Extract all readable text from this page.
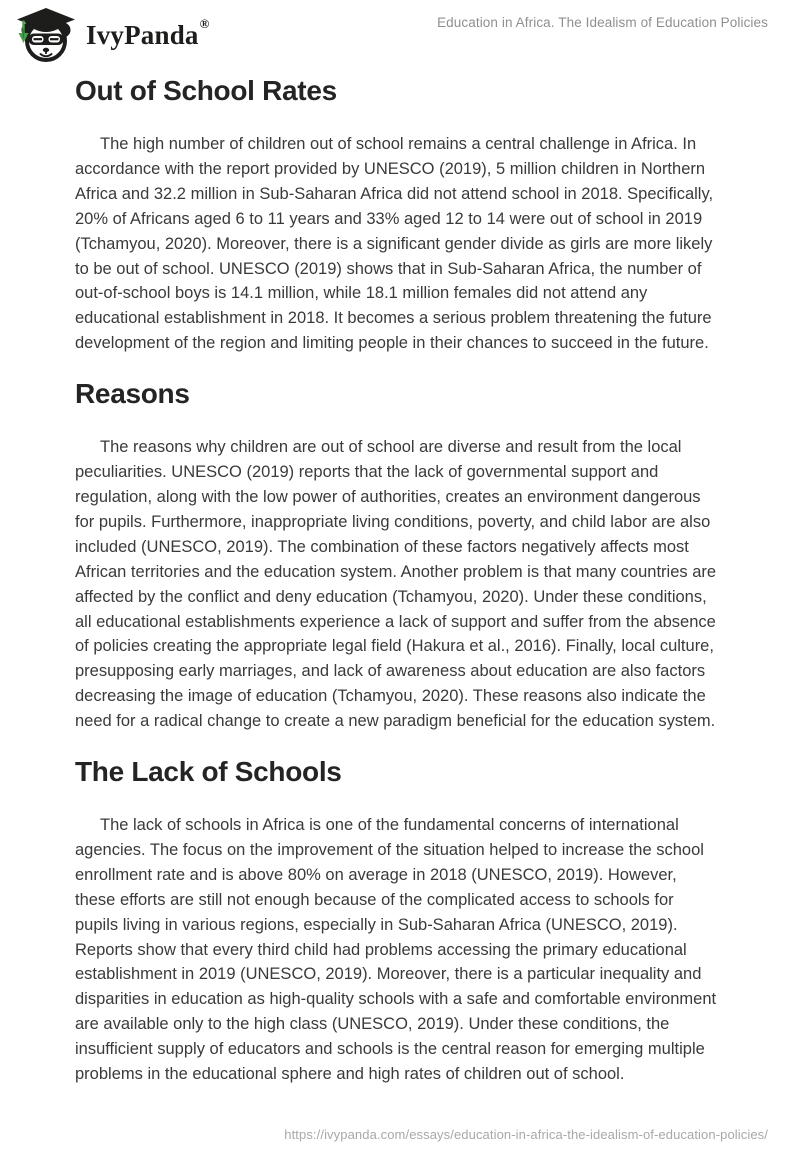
IvyPanda®	Education in Africa. The Idealism of Education Policies
Out of School Rates

The high number of children out of school remains a central challenge in Africa. In accordance with the report provided by UNESCO (2019), 5 million children in Northern Africa and 32.2 million in Sub-Saharan Africa did not attend school in 2018. Specifically, 20% of Africans aged 6 to 11 years and 33% aged 12 to 14 were out of school in 2019 (Tchamyou, 2020). Moreover, there is a significant gender divide as girls are more likely to be out of school. UNESCO (2019) shows that in Sub-Saharan Africa, the number of out-of-school boys is 14.1 million, while 18.1 million females did not attend any educational establishment in 2018. It becomes a serious problem threatening the future development of the region and limiting people in their chances to succeed in the future.

Reasons

The reasons why children are out of school are diverse and result from the local peculiarities. UNESCO (2019) reports that the lack of governmental support and regulation, along with the low power of authorities, creates an environment dangerous for pupils. Furthermore, inappropriate living conditions, poverty, and child labor are also included (UNESCO, 2019). The combination of these factors negatively affects most African territories and the education system. Another problem is that many countries are affected by the conflict and deny education (Tchamyou, 2020). Under these conditions, all educational establishments experience a lack of support and suffer from the absence of policies creating the appropriate legal field (Hakura et al., 2016). Finally, local culture, presupposing early marriages, and lack of awareness about education are also factors decreasing the image of education (Tchamyou, 2020). These reasons also indicate the need for a radical change to create a new paradigm beneficial for the education system.

The Lack of Schools

The lack of schools in Africa is one of the fundamental concerns of international agencies. The focus on the improvement of the situation helped to increase the school enrollment rate and is above 80% on average in 2018 (UNESCO, 2019). However, these efforts are still not enough because of the complicated access to schools for pupils living in various regions, especially in Sub-Saharan Africa (UNESCO, 2019). Reports show that every third child had problems accessing the primary educational establishment in 2019 (UNESCO, 2019). Moreover, there is a particular inequality and disparities in education as high-quality schools with a safe and comfortable environment are available only to the high class (UNESCO, 2019). Under these conditions, the insufficient supply of educators and schools is the central reason for emerging multiple problems in the educational sphere and high rates of children out of school.

https://ivypanda.com/essays/education-in-africa-the-idealism-of-education-policies/
